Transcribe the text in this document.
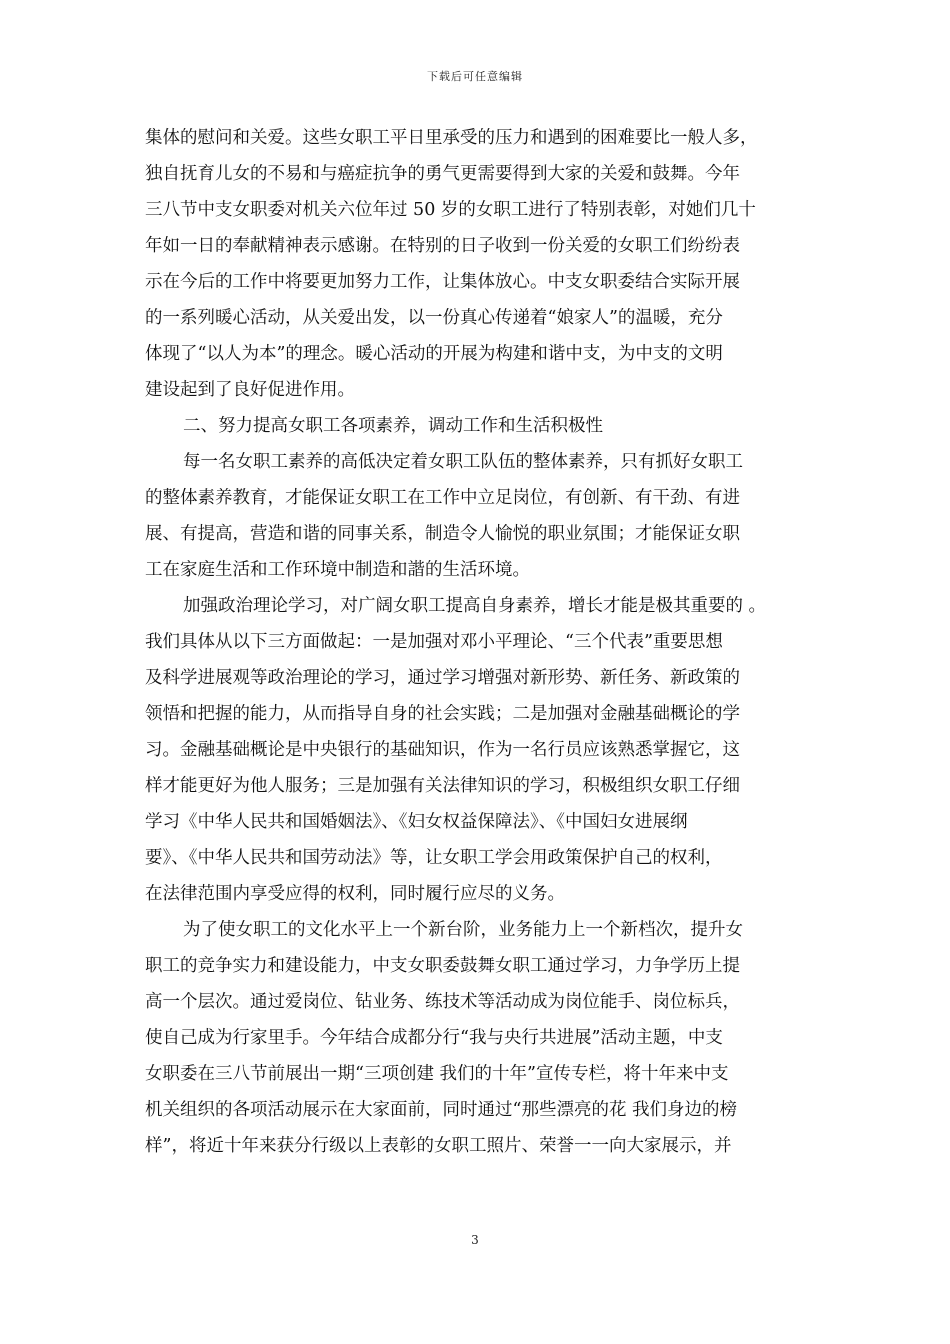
下载后可任意编辑
集体的慰问和关爱。这些女职工平日里承受的压力和遇到的困难要比一般人多，
独自抚育儿女的不易和与癌症抗争的勇气更需要得到大家的关爱和鼓舞。今年
三八节中支女职委对机关六位年过 50 岁的女职工进行了特别表彰，对她们几十
年如一日的奉献精神表示感谢。在特别的日子收到一份关爱的女职工们纷纷表
示在今后的工作中将要更加努力工作，让集体放心。中支女职委结合实际开展
的一系列暖心活动，从关爱出发，以一份真心传递着“娘家人”的温暖，充分
体现了“以人为本”的理念。暖心活动的开展为构建和谐中支，为中支的文明
建设起到了良好促进作用。
二、努力提高女职工各项素养，调动工作和生活积极性
每一名女职工素养的高低决定着女职工队伍的整体素养，只有抓好女职工
的整体素养教育，才能保证女职工在工作中立足岗位，有创新、有干劲、有进
展、有提高，营造和谐的同事关系，制造令人愉悦的职业氛围；才能保证女职
工在家庭生活和工作环境中制造和諧的生活环境。
加强政治理论学习，对广阔女职工提高自身素养，增长才能是极其重要的 。
我们具体从以下三方面做起：一是加强对邓小平理论、“三个代表”重要思想
及科学进展观等政治理论的学习，通过学习增强对新形势、新任务、新政策的
领悟和把握的能力，从而指导自身的社会实践；二是加强对金融基础概论的学
习。金融基础概论是中央银行的基础知识，作为一名行员应该熟悉掌握它，这
样才能更好为他人服务；三是加强有关法律知识的学习，积极组织女职工仔细
学习《中华人民共和国婚姻法》、《妇女权益保障法》、《中国妇女进展纲
要》、《中华人民共和国劳动法》等，让女职工学会用政策保护自己的权利，
在法律范围内享受应得的权利，同时履行应尽的义务。
为了使女职工的文化水平上一个新台阶，业务能力上一个新档次，提升女
职工的竞争实力和建设能力，中支女职委鼓舞女职工通过学习，力争学历上提
高一个层次。通过爱岗位、钻业务、练技术等活动成为岗位能手、岗位标兵，
使自己成为行家里手。今年结合成都分行“我与央行共进展”活动主题，中支
女职委在三八节前展出一期“三项创建 我们的十年”宣传专栏，将十年来中支
机关组织的各项活动展示在大家面前，同时通过“那些漂亮的花 我们身边的榜
样”，将近十年来获分行级以上表彰的女职工照片、荣誉一一向大家展示，并
3
